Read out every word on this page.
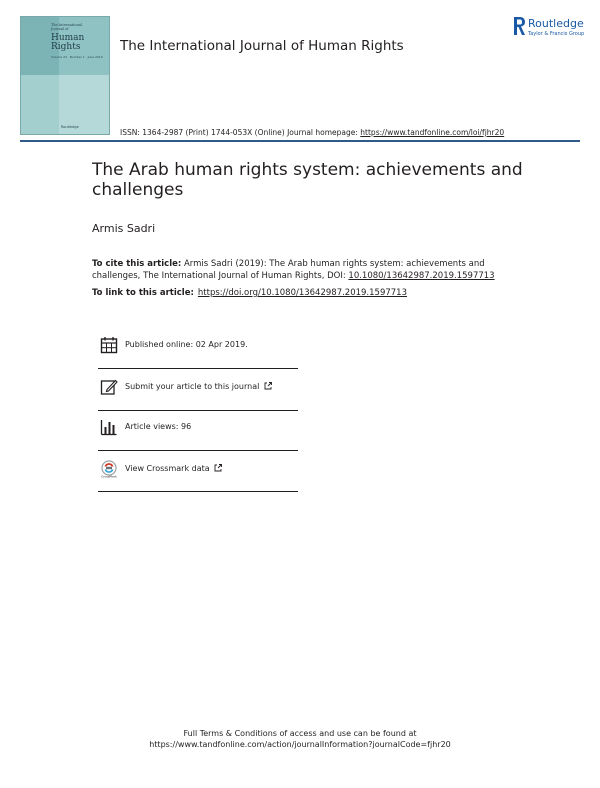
The International Journal of
Human Rights
Volume 23 · Number 1 · June 2019
Routledge
The International Journal of Human Rights
Routledge
Taylor & Francis Group
ISSN: 1364-2987 (Print) 1744-053X (Online) Journal homepage: https://www.tandfonline.com/loi/fjhr20
The Arab human rights system: achievements and challenges
Armis Sadri
To cite this article: Armis Sadri (2019): The Arab human rights system: achievements and challenges, The International Journal of Human Rights, DOI: 10.1080/13642987.2019.1597713
To link to this article: https://doi.org/10.1080/13642987.2019.1597713
Published online: 02 Apr 2019.
Submit your article to this journal
Article views: 96
CrossMark
View Crossmark data
Full Terms & Conditions of access and use can be found at
https://www.tandfonline.com/action/journalInformation?journalCode=fjhr20
